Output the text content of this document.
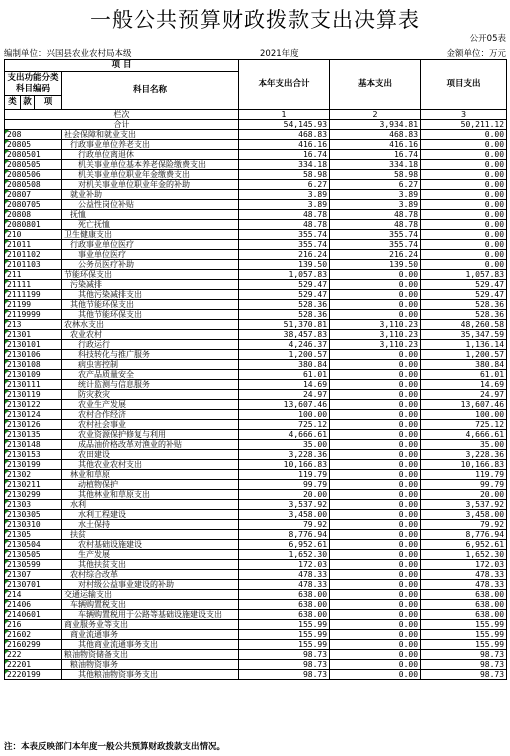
一般公共预算财政拨款支出决算表
公开05表
编制单位：兴国县农业农村局本级	2021年度	金额单位：万元
项 目				本年支出合计	基本支出	项目支出
支出功能分类科目编码			科目名称			
类	款	项				
栏次				1	2	3
合计				54,145.93	3,934.81	50,211.12

208			社会保障和就业支出	468.83	468.83	0.00

20805			行政事业单位养老支出	416.16	416.16	0.00

2080501			行政单位离退休	16.74	16.74	0.00

2080505			机关事业单位基本养老保险缴费支出	334.18	334.18	0.00

2080506			机关事业单位职业年金缴费支出	58.98	58.98	0.00

2080508			对机关事业单位职业年金的补助	6.27	6.27	0.00

20807			就业补助	3.89	3.89	0.00

2080705			公益性岗位补贴	3.89	3.89	0.00

20808			抚恤	48.78	48.78	0.00

2080801			死亡抚恤	48.78	48.78	0.00

210			卫生健康支出	355.74	355.74	0.00

21011			行政事业单位医疗	355.74	355.74	0.00

2101102			事业单位医疗	216.24	216.24	0.00

2101103			公务员医疗补助	139.50	139.50	0.00

211			节能环保支出	1,057.83	0.00	1,057.83

21111			污染减排	529.47	0.00	529.47

2111199			其他污染减排支出	529.47	0.00	529.47

21199			其他节能环保支出	528.36	0.00	528.36

2119999			其他节能环保支出	528.36	0.00	528.36

213			农林水支出	51,370.81	3,110.23	48,260.58

21301			农业农村	38,457.83	3,110.23	35,347.59

2130101			行政运行	4,246.37	3,110.23	1,136.14

2130106			科技转化与推广服务	1,200.57	0.00	1,200.57

2130108			病虫害控制	380.84	0.00	380.84

2130109			农产品质量安全	61.01	0.00	61.01

2130111			统计监测与信息服务	14.69	0.00	14.69

2130119			防灾救灾	24.97	0.00	24.97

2130122			农业生产发展	13,607.46	0.00	13,607.46

2130124			农村合作经济	100.00	0.00	100.00

2130126			农村社会事业	725.12	0.00	725.12

2130135			农业资源保护修复与利用	4,666.61	0.00	4,666.61

2130148			成品油价格改革对渔业的补贴	35.00	0.00	35.00

2130153			农田建设	3,228.36	0.00	3,228.36

2130199			其他农业农村支出	10,166.83	0.00	10,166.83

21302			林业和草原	119.79	0.00	119.79

2130211			动植物保护	99.79	0.00	99.79

2130299			其他林业和草原支出	20.00	0.00	20.00

21303			水利	3,537.92	0.00	3,537.92

2130305			水利工程建设	3,458.00	0.00	3,458.00

2130310			水土保持	79.92	0.00	79.92

21305			扶贫	8,776.94	0.00	8,776.94

2130504			农村基础设施建设	6,952.61	0.00	6,952.61

2130505			生产发展	1,652.30	0.00	1,652.30

2130599			其他扶贫支出	172.03	0.00	172.03

21307			农村综合改革	478.33	0.00	478.33

2130701			对村级公益事业建设的补助	478.33	0.00	478.33

214			交通运输支出	638.00	0.00	638.00

21406			车辆购置税支出	638.00	0.00	638.00

2140601			车辆购置税用于公路等基础设施建设支出	638.00	0.00	638.00

216			商业服务业等支出	155.99	0.00	155.99

21602			商业流通事务	155.99	0.00	155.99

2160299			其他商业流通事务支出	155.99	0.00	155.99

222			粮油物资储备支出	98.73	0.00	98.73

22201			粮油物资事务	98.73	0.00	98.73

2220199			其他粮油物资事务支出	98.73	0.00	98.73
注：本表反映部门本年度一般公共预算财政拨款支出情况。
